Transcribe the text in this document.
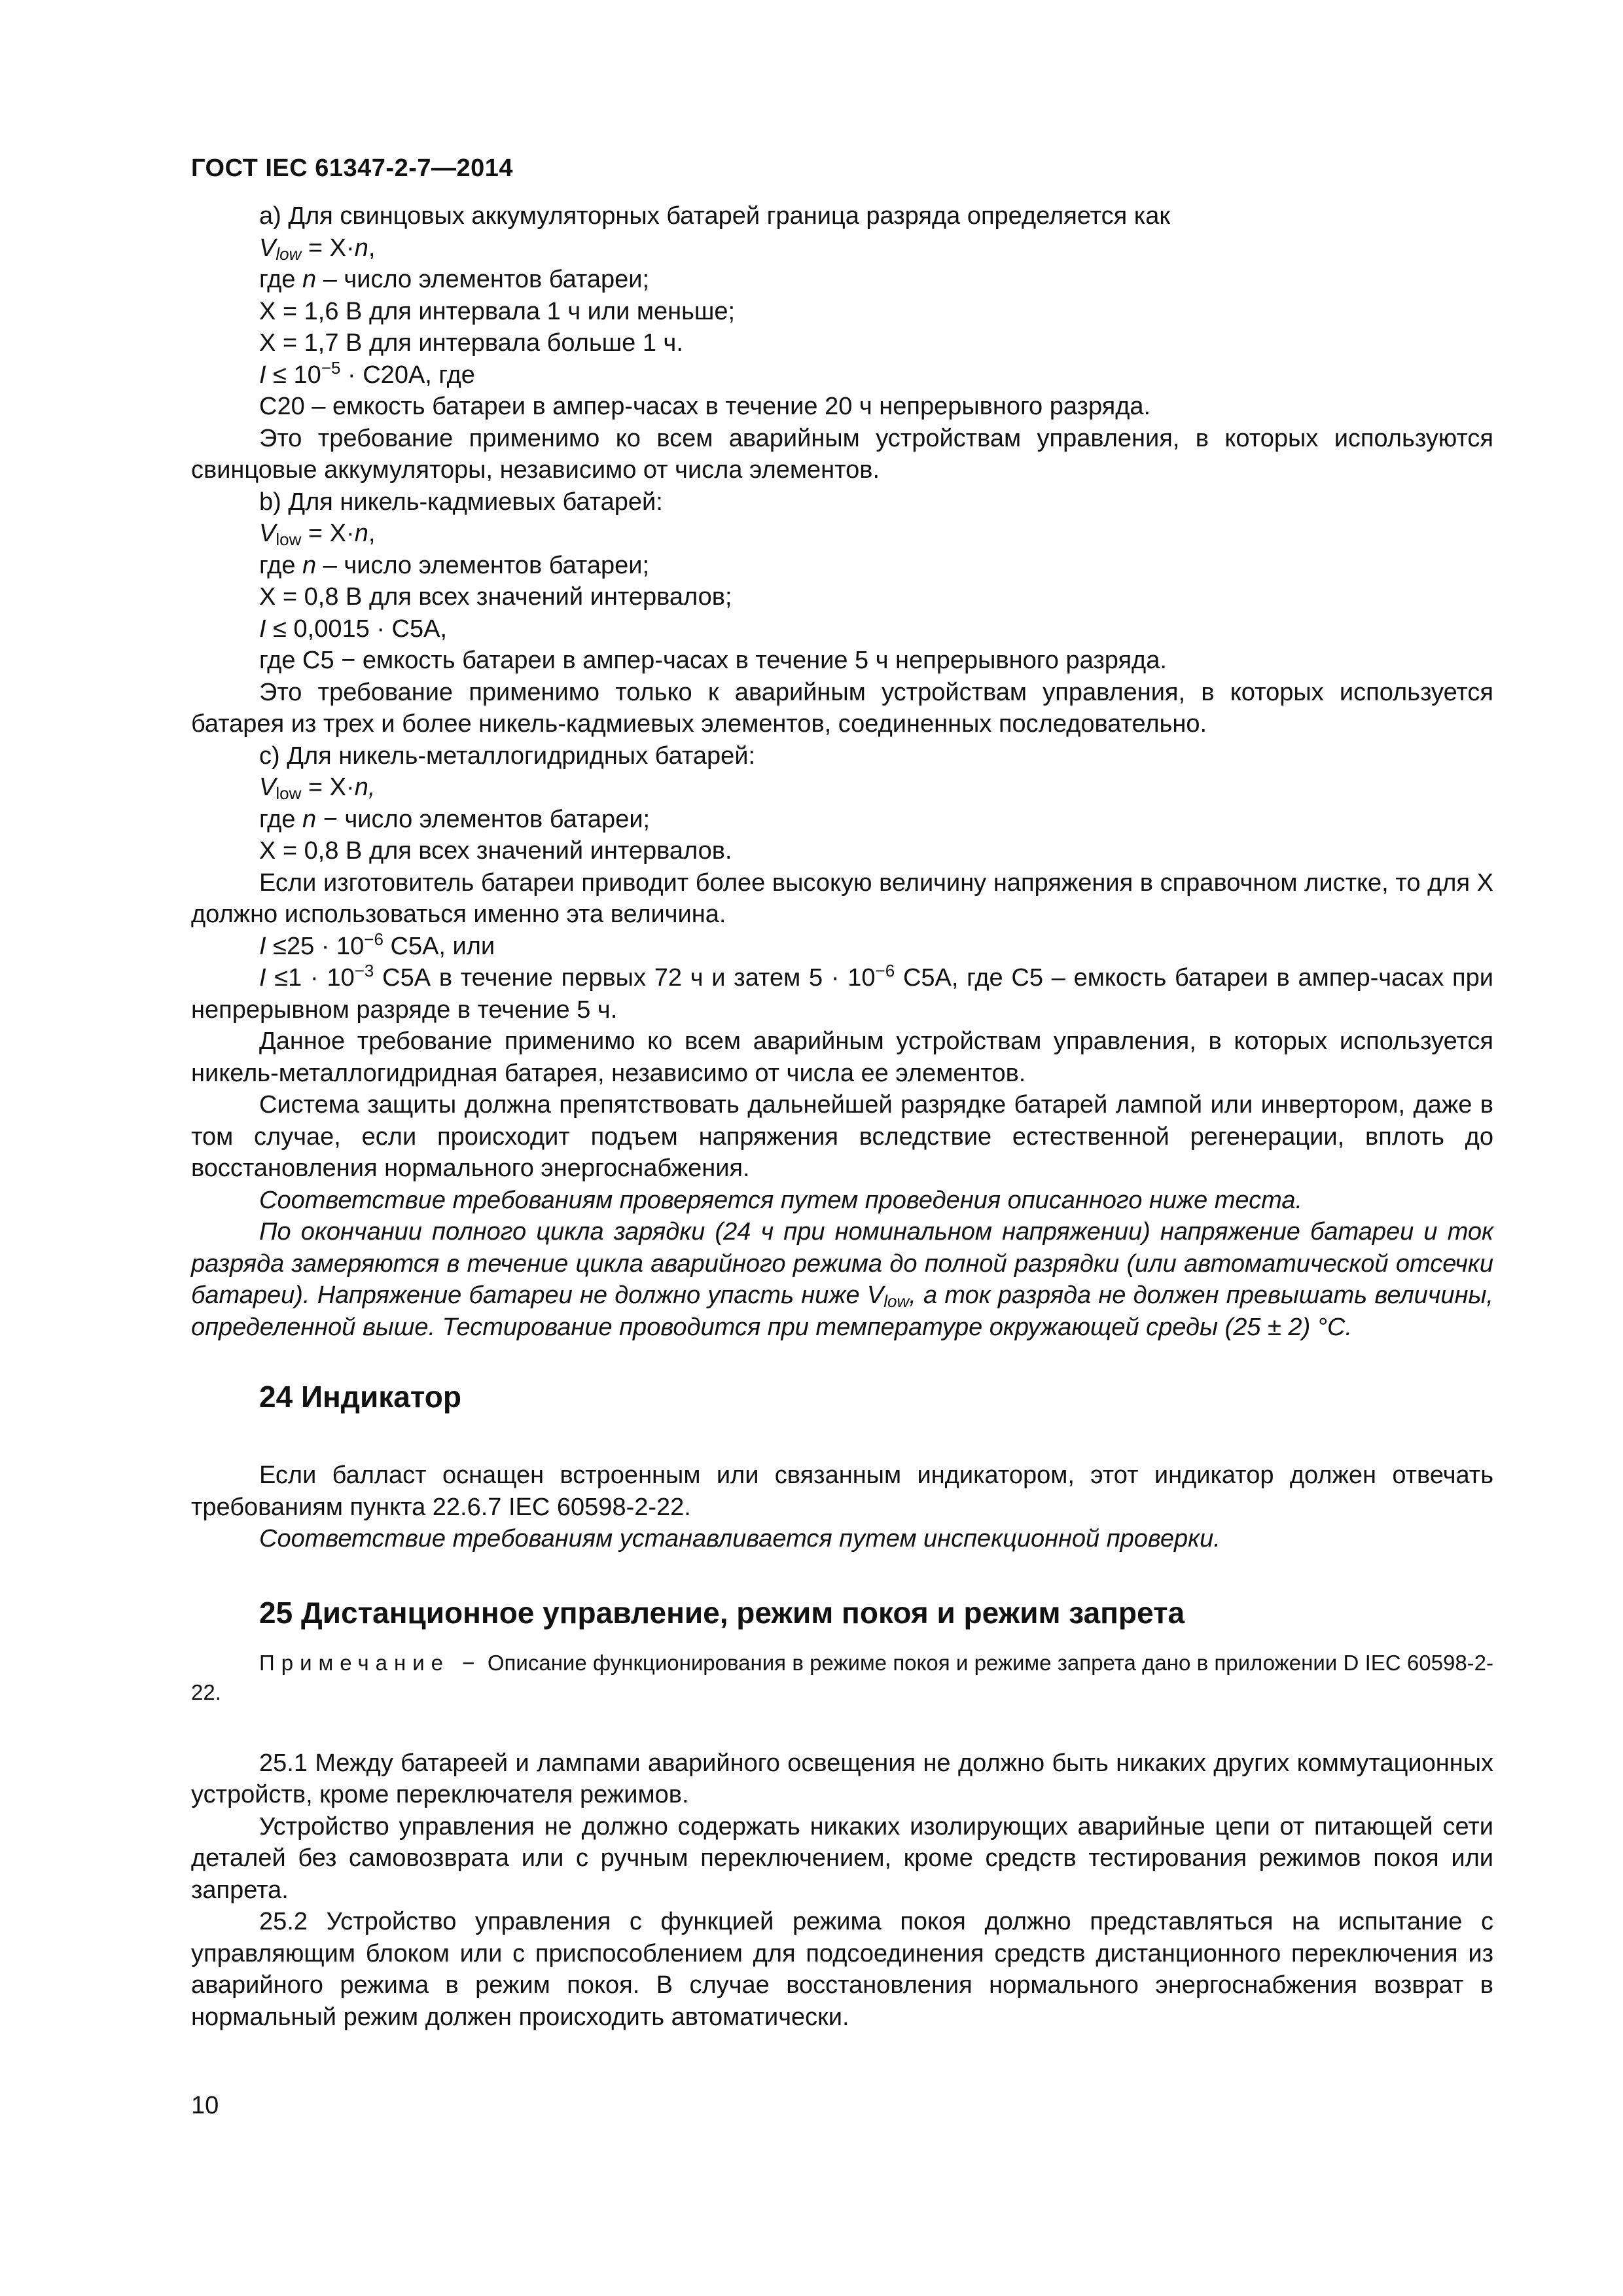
ГОСТ IEC 61347-2-7—2014

а) Для свинцовых аккумуляторных батарей граница разряда определяется как

$V_{low} = X\cdot n$,

где n – число элементов батареи;

X = 1,6 В для интервала 1 ч или меньше;

X = 1,7 В для интервала больше 1 ч.

$I \le 10^{-5} \cdot С20А$, где

С20 – емкость батареи в ампер-часах в течение 20 ч непрерывного разряда.

Это требование применимо ко всем аварийным устройствам управления, в которых используются свинцовые аккумуляторы, независимо от числа элементов.

b) Для никель-кадмиевых батарей:

$V_{low} = X\cdot n$,

где n – число элементов батареи;

X = 0,8 В для всех значений интервалов;

I ≤ 0,0015 · С5А,

где С5 − емкость батареи в ампер-часах в течение 5 ч непрерывного разряда.

Это требование применимо только к аварийным устройствам управления, в которых используется батарея из трех и более никель-кадмиевых элементов, соединенных последовательно.

c) Для никель-металлогидридных батарей:

$V_{low} = X\cdot n$,

где n − число элементов батареи;

X = 0,8 В для всех значений интервалов.

Если изготовитель батареи приводит более высокую величину напряжения в справочном листке, то для X должно использоваться именно эта величина.

$I \le 25 \cdot 10^{-6}$ С5А, или

$I \le 1 \cdot 10^{-3}$ С5А в течение первых 72 ч и затем $5 \cdot 10^{-6}$ С5А, где С5 – емкость батареи в ампер-часах при непрерывном разряде в течение 5 ч.

Данное требование применимо ко всем аварийным устройствам управления, в которых используется никель-металлогидридная батарея, независимо от числа ее элементов.

Система защиты должна препятствовать дальнейшей разрядке батарей лампой или инвертором, даже в том случае, если происходит подъем напряжения вследствие естественной регенерации, вплоть до восстановления нормального энергоснабжения.

Соответствие требованиям проверяется путем проведения описанного ниже теста.

По окончании полного цикла зарядки (24 ч при номинальном напряжении) напряжение батареи и ток разряда замеряются в течение цикла аварийного режима до полной разрядки (или автоматической отсечки батареи). Напряжение батареи не должно упасть ниже $V_{low}$, а ток разряда не должен превышать величины, определенной выше. Тестирование проводится при температуре окружающей среды (25 ± 2) °С.

24 Индикатор

Если балласт оснащен встроенным или связанным индикатором, этот индикатор должен отвечать требованиям пункта 22.6.7 IEC 60598-2-22.

Соответствие требованиям устанавливается путем инспекционной проверки.

25 Дистанционное управление, режим покоя и режим запрета

Примечание − Описание функционирования в режиме покоя и режиме запрета дано в приложении D IEC 60598-2-22.

25.1 Между батареей и лампами аварийного освещения не должно быть никаких других коммутационных устройств, кроме переключателя режимов.

Устройство управления не должно содержать никаких изолирующих аварийные цепи от питающей сети деталей без самовозврата или с ручным переключением, кроме средств тестирования режимов покоя или запрета.

25.2 Устройство управления с функцией режима покоя должно представляться на испытание с управляющим блоком или с приспособлением для подсоединения средств дистанционного переключения из аварийного режима в режим покоя. В случае восстановления нормального энергоснабжения возврат в нормальный режим должен происходить автоматически.

10
